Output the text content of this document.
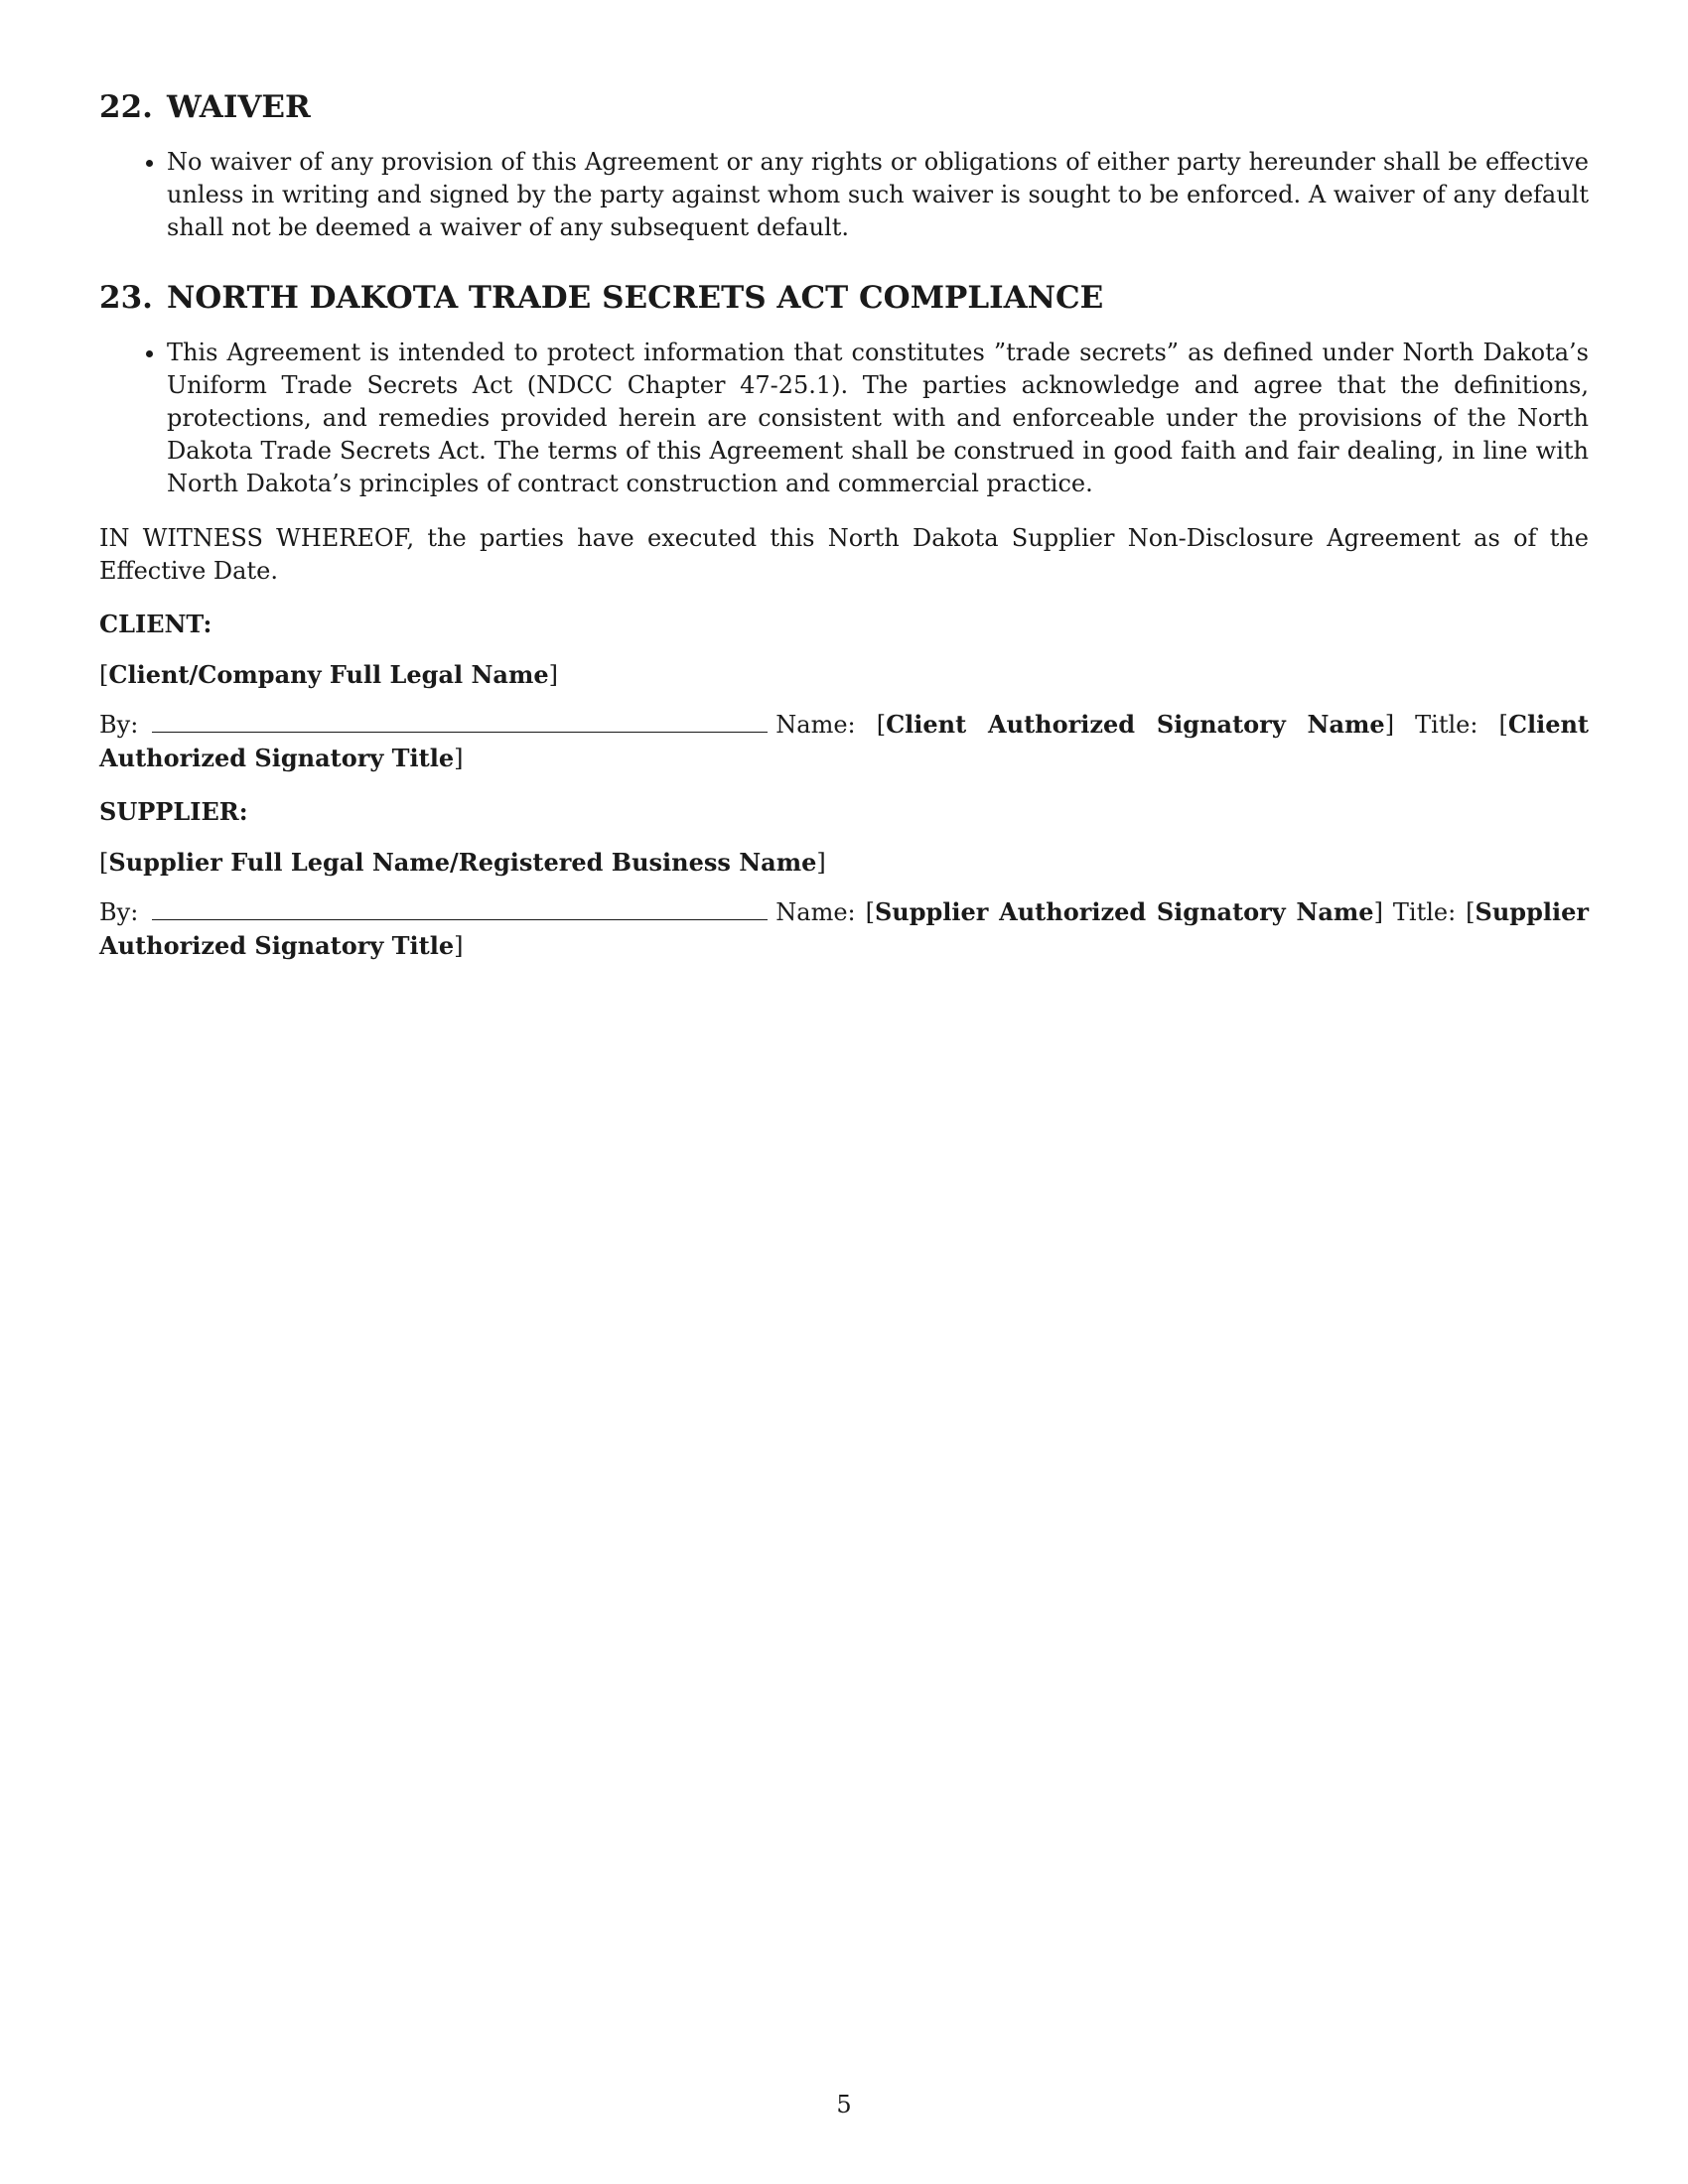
22. WAIVER
• No waiver of any provision of this Agreement or any rights or obligations of either party hereunder shall be effective unless in writing and signed by the party against whom such waiver is sought to be enforced. A waiver of any default shall not be deemed a waiver of any subsequent default.
23. NORTH DAKOTA TRADE SECRETS ACT COMPLIANCE
• This Agreement is intended to protect information that constitutes ”trade secrets” as defined under North Dakota’s Uniform Trade Secrets Act (NDCC Chapter 47-25.1). The parties acknowledge and agree that the definitions, protections, and remedies provided herein are consistent with and enforceable under the provisions of the North Dakota Trade Secrets Act. The terms of this Agreement shall be construed in good faith and fair dealing, in line with North Dakota’s principles of contract construction and commercial practice.

IN WITNESS WHEREOF, the parties have executed this North Dakota Supplier Non-Disclosure Agreement as of the Effective Date.

CLIENT:

[Client/Company Full Legal Name]

By:	Name: [Client Authorized Signatory Name] Title: [Client Authorized Signatory Title]

SUPPLIER:

[Supplier Full Legal Name/Registered Business Name]

By:	Name: [Supplier Authorized Signatory Name] Title: [Supplier Authorized Signatory Title]

5
